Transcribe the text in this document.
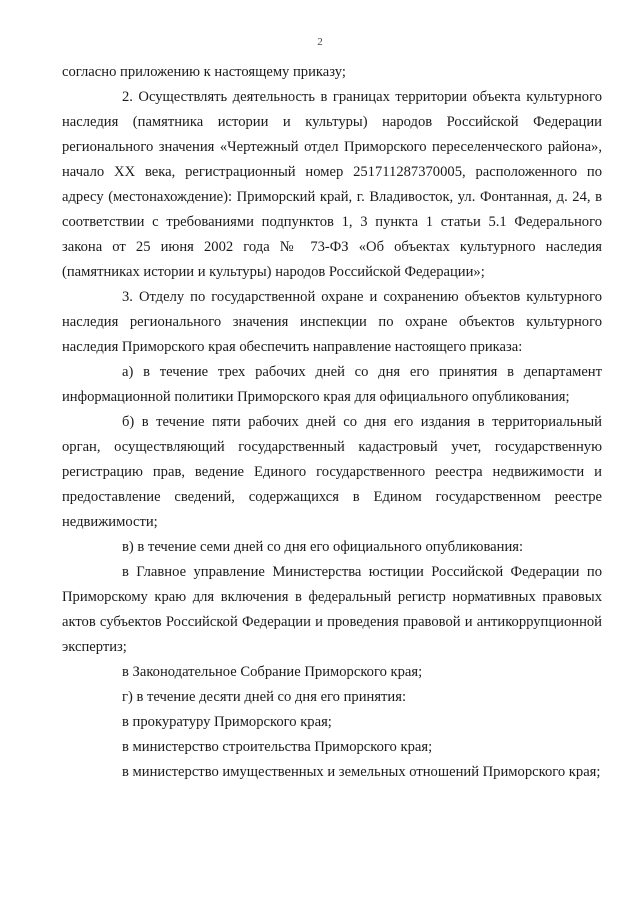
2

согласно приложению к настоящему приказу;

2. Осуществлять деятельность в границах территории объекта культурного наследия (памятника истории и культуры) народов Российской Федерации регионального значения «Чертежный отдел Приморского переселенческого района», начало XX века, регистрационный номер 251711287370005, расположенного по адресу (местонахождение): Приморский край, г. Владивосток, ул. Фонтанная, д. 24, в соответствии с требованиями подпунктов 1, 3 пункта 1 статьи 5.1 Федерального закона от 25 июня 2002 года № 73-ФЗ «Об объектах культурного наследия (памятниках истории и культуры) народов Российской Федерации»;

3. Отделу по государственной охране и сохранению объектов культурного наследия регионального значения инспекции по охране объектов культурного наследия Приморского края обеспечить направление настоящего приказа:

а) в течение трех рабочих дней со дня его принятия в департамент информационной политики Приморского края для официального опубликования;

б) в течение пяти рабочих дней со дня его издания в территориальный орган, осуществляющий государственный кадастровый учет, государственную регистрацию прав, ведение Единого государственного реестра недвижимости и предоставление сведений, содержащихся в Едином государственном реестре недвижимости;

в) в течение семи дней со дня его официального опубликования:

в Главное управление Министерства юстиции Российской Федерации по Приморскому краю для включения в федеральный регистр нормативных правовых актов субъектов Российской Федерации и проведения правовой и антикоррупционной экспертиз;

в Законодательное Собрание Приморского края;

г) в течение десяти дней со дня его принятия:

в прокуратуру Приморского края;

в министерство строительства Приморского края;

в министерство имущественных и земельных отношений Приморского края;
